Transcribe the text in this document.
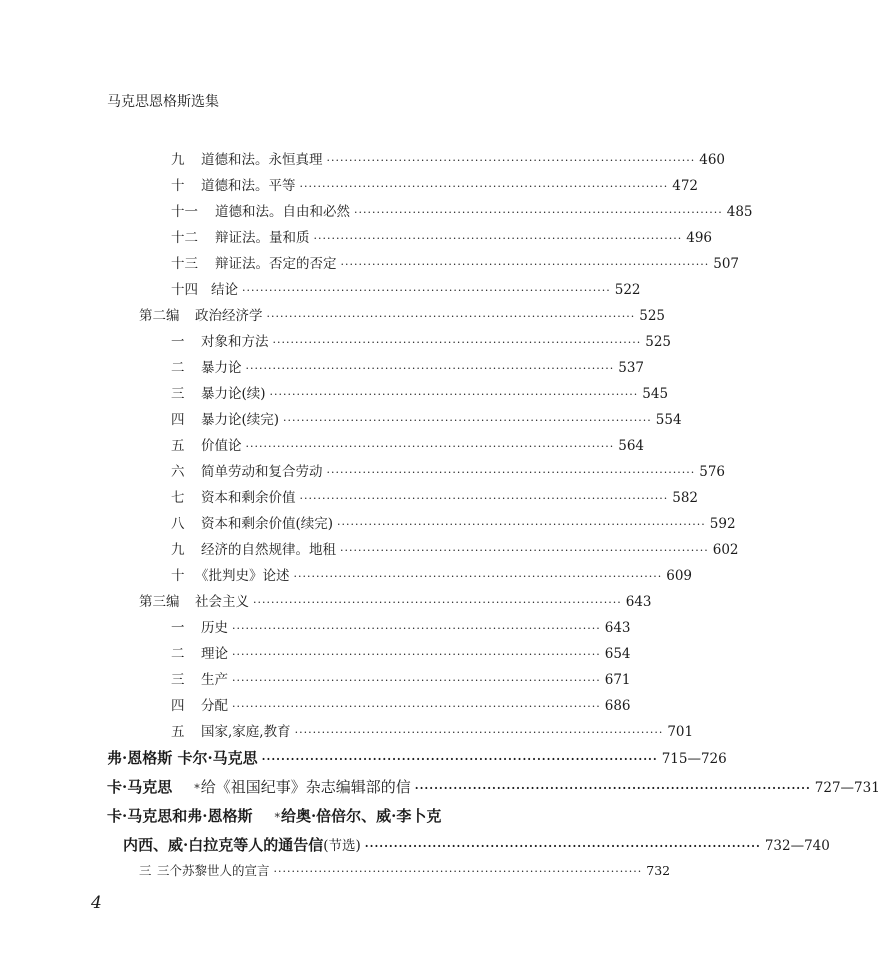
马克思恩格斯选集
九	道德和法。永恒真理 ·················································································· 460
十	道德和法。平等 ·················································································· 472
十一	道德和法。自由和必然 ·················································································· 485
十二	辩证法。量和质 ·················································································· 496
十三	辩证法。否定的否定 ·················································································· 507
十四 结论 ·················································································· 522
第二编	政治经济学 ·················································································· 525
一	对象和方法 ·················································································· 525
二	暴力论 ·················································································· 537
三	暴力论(续) ·················································································· 545
四	暴力论(续完) ·················································································· 554
五	价值论 ·················································································· 564
六	简单劳动和复合劳动 ·················································································· 576
七	资本和剩余价值 ·················································································· 582
八	资本和剩余价值(续完) ·················································································· 592
九	经济的自然规律。地租 ·················································································· 602
十 《批判史》论述 ·················································································· 609
第三编	社会主义 ·················································································· 643
一	历史 ·················································································· 643
二	理论 ·················································································· 654
三	生产 ·················································································· 671
四	分配 ·················································································· 686
五	国家,家庭,教育 ·················································································· 701
弗·恩格斯 卡尔·马克思 ·················································································· 715—726
卡·马克思 * 给《祖国纪事》杂志编辑部的信 ·················································································· 727—731
卡·马克思和弗·恩格斯 * 给奥·倍倍尔、威·李卜克
内西、威·白拉克等人的通告信 (节选) ·················································································· 732—740
三 三个苏黎世人的宣言 ·················································································· 732
4
